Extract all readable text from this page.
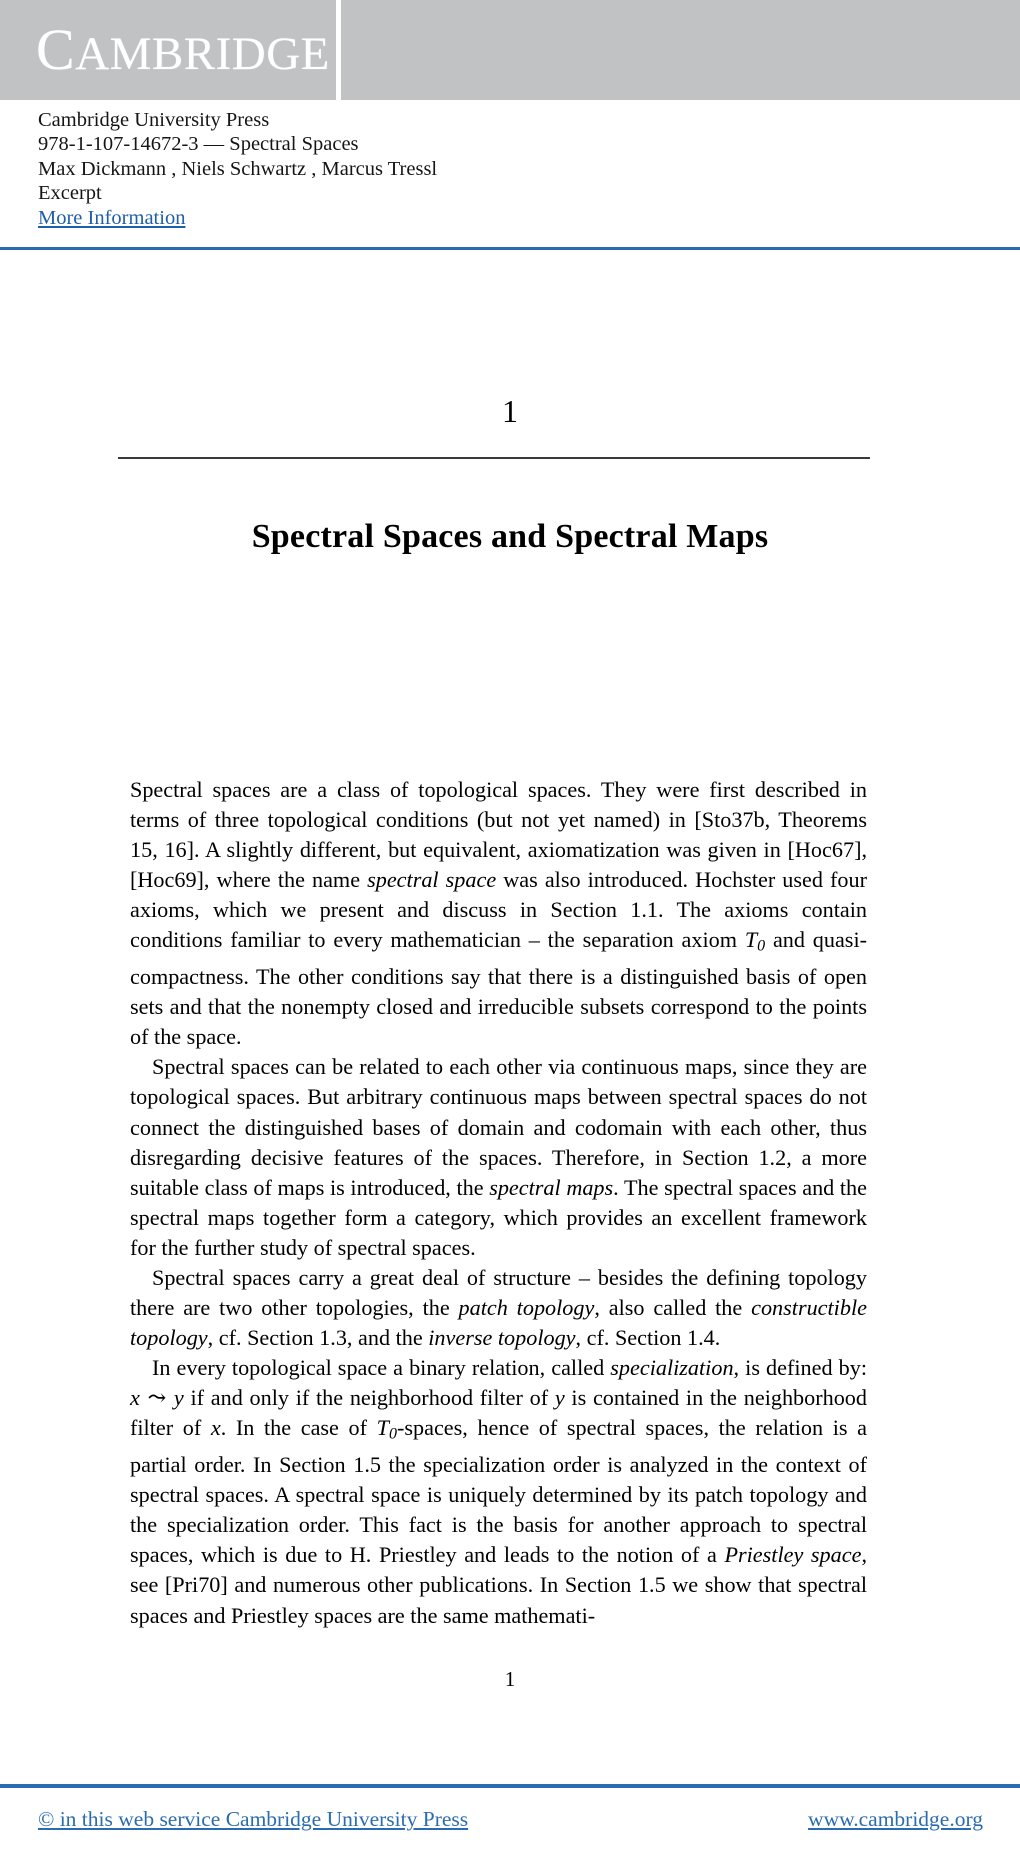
CAMBRIDGE
Cambridge University Press
978-1-107-14672-3 — Spectral Spaces
Max Dickmann , Niels Schwartz , Marcus Tressl
Excerpt
More Information
1
Spectral Spaces and Spectral Maps

Spectral spaces are a class of topological spaces. They were first described in terms of three topological conditions (but not yet named) in [Sto37b, Theorems 15, 16]. A slightly different, but equivalent, axiomatization was given in [Hoc67], [Hoc69], where the name spectral space was also introduced. Hochster used four axioms, which we present and discuss in Section 1.1. The axioms contain conditions familiar to every mathematician – the separation axiom $T_0$ and quasi-compactness. The other conditions say that there is a distinguished basis of open sets and that the nonempty closed and irreducible subsets correspond to the points of the space.

Spectral spaces can be related to each other via continuous maps, since they are topological spaces. But arbitrary continuous maps between spectral spaces do not connect the distinguished bases of domain and codomain with each other, thus disregarding decisive features of the spaces. Therefore, in Section 1.2, a more suitable class of maps is introduced, the spectral maps. The spectral spaces and the spectral maps together form a category, which provides an excellent framework for the further study of spectral spaces.

Spectral spaces carry a great deal of structure – besides the defining topology there are two other topologies, the patch topology, also called the constructible topology, cf. Section 1.3, and the inverse topology, cf. Section 1.4.

In every topological space a binary relation, called specialization, is defined by: x ⤳ y if and only if the neighborhood filter of y is contained in the neighborhood filter of x. In the case of $T_0$-spaces, hence of spectral spaces, the relation is a partial order. In Section 1.5 the specialization order is analyzed in the context of spectral spaces. A spectral space is uniquely determined by its patch topology and the specialization order. This fact is the basis for another approach to spectral spaces, which is due to H. Priestley and leads to the notion of a Priestley space, see [Pri70] and numerous other publications. In Section 1.5 we show that spectral spaces and Priestley spaces are the same mathemati-

1
© in this web service Cambridge University Press	www.cambridge.org
